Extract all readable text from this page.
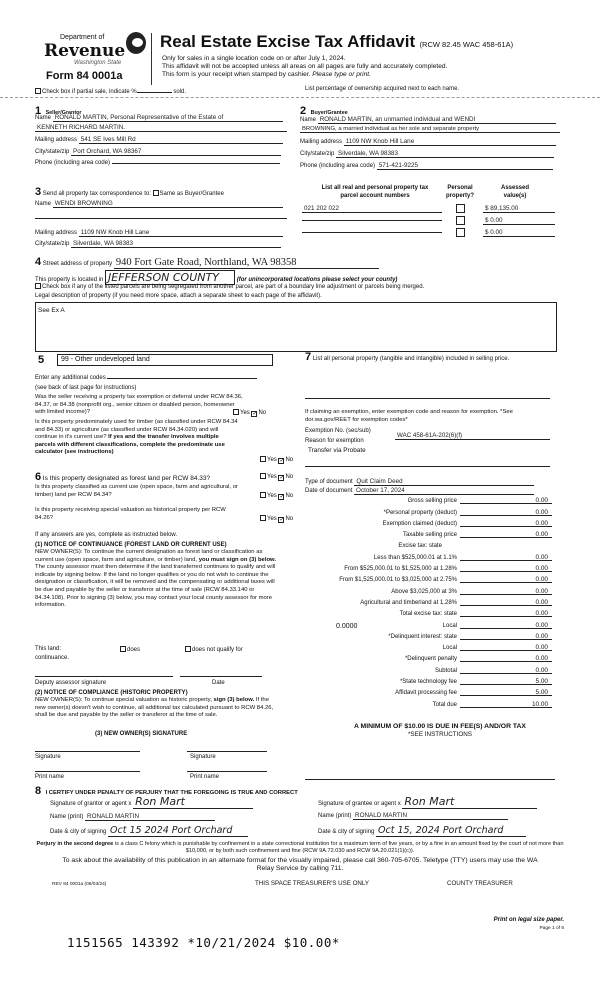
Department of
Revenue
Washington State
Form 84 0001a
Real Estate Excise Tax Affidavit (RCW 82.45 WAC 458-61A)
Only for sales in a single location code on or after July 1, 2024.
This affidavit will not be accepted unless all areas on all pages are fully and accurately completed.
This form is your receipt when stamped by cashier. Please type or print.
Check box if partial sale, indicate %	sold.	List percentage of ownership acquired next to each name.
1 Seller/Grantor
Name RONALD MARTIN, Personal Representative of the Estate of
KENNETH RICHARD MARTIN.
Mailing address 541 SE Ives Mill Rd
City/state/zip Port Orchard, WA 98367
Phone (including area code)
2 Buyer/Grantee
Name RONALD MARTIN, an unmarried individual and WENDI
BROWNING, a married individual as her sole and separate property
Mailing address 1109 NW Knob Hill Lane
City/state/zip Silverdale, WA 98383
Phone (including area code) 571-421-9225
3 Send all property tax correspondence to: Same as Buyer/Grantee
Name WENDI BROWNING
Mailing address 1109 NW Knob Hill Lane
City/state/zip Silverdale, WA 98383
List all real and personal property tax
parcel account numbers
Personal
property?
Assessed
value(s)
021 202 022	$ 89,135.00
$ 0.00
$ 0.00
4 Street address of property 940 Fort Gate Road, Northland, WA 98358
This property is located in JEFFERSON COUNTY	(for unincorporated locations please select your county)
Check box if any of the listed parcels are being segregated from another parcel, are part of a boundary line adjustment or parcels being merged.
Legal description of property (if you need more space, attach a separate sheet to each page of the affidavit).
See Ex A
5	99 - Other undeveloped land
Enter any additional codes
(see back of last page for instructions)
Was the seller receiving a property tax exemption or deferral under RCW 84.36, 84.37, or 84.38 (nonprofit org., senior citizen or disabled person, homeowner with limited income)?	Yes ✓No
Is this property predominately used for timber (as classified under RCW 84.34 and 84.33) or agriculture (as classified under RCW 84.34.020) and will continue in it's current use? If yes and the transfer involves multiple parcels with different classifications, complete the predominate use calculator (see instructions)
Yes ✓No
6 Is this property designated as forest land per RCW 84.33?	Yes ✓No
Is this property classified as current use (open space, farm and agricultural, or timber) land per RCW 84.34?	Yes ✓No
Is this property receiving special valuation as historical property per RCW 84.26?	Yes ✓No
If any answers are yes, complete as instructed below.
(1) NOTICE OF CONTINUANCE (FOREST LAND OR CURRENT USE)
NEW OWNER(S): To continue the current designation as forest land or classification as current use (open space, farm and agriculture, or timber) land, you must sign on (3) below. The county assessor must then determine if the land transferred continues to qualify and will indicate by signing below. If the land no longer qualifies or you do not wish to continue the designation or classification, it will be removed and the compensating or additional taxes will be due and payable by the seller or transferor at the time of sale (RCW 84.33.140 or 84.34.108). Prior to signing (3) below, you may contact your local county assessor for more information.
This land:	does	does not qualify for
continuance.
Deputy assessor signature	Date
(2) NOTICE OF COMPLIANCE (HISTORIC PROPERTY)
NEW OWNER(S): To continue special valuation as historic property, sign (3) below. If the new owner(s) doesn't wish to continue, all additional tax calculated pursuant to RCW 84.26, shall be due and payable by the seller or transferor at the time of sale.
(3) NEW OWNER(S) SIGNATURE
Signature	Signature
Print name	Print name
7 List all personal property (tangible and intangible) included in selling price.
If claiming an exemption, enter exemption code and reason for exemption. *See dor.wa.gov/REET for exemption codes*
Exemption No. (sec/sub)
WAC 458-61A-202(6)(f)
Reason for exemption
Transfer via Probate
Type of document Quit Claim Deed
Date of document October 17, 2024
Gross selling price	0.00
*Personal property (deduct)	0.00
Exemption claimed (deduct)	0.00
Taxable selling price	0.00
Excise tax: state
Less than $525,000.01 at 1.1%	0.00
From $525,000.01 to $1,525,000 at 1.28%	0.00
From $1,525,000.01 to $3,025,000 at 2.75%	0.00
Above $3,025,000 at 3%	0.00
Agricultural and timberland at 1.28%	0.00
Total excise tax: state	0.00
Local	0.00
0.0000
*Delinquent interest: state	0.00
Local	0.00
*Delinquent penalty	0.00
Subtotal	0.00
*State technology fee	5.00
Affidavit processing fee	5.00
Total due	10.00
A MINIMUM OF $10.00 IS DUE IN FEE(S) AND/OR TAX
*SEE INSTRUCTIONS
8 I CERTIFY UNDER PENALTY OF PERJURY THAT THE FOREGOING IS TRUE AND CORRECT
Signature of grantor or agent x Ron Mart	Signature of grantee or agent x Ron Mart
Name (print) RONALD MARTIN	Name (print) RONALD MARTIN
Date & city of signing Oct 15 2024 Port Orchard	Date & city of signing Oct 15, 2024 Port Orchard
Perjury in the second degree is a class C felony which is punishable by confinement in a state correctional institution for a maximum term of five years, or by a fine in an amount fixed by the court of not more than $10,000, or by both such confinement and fine (RCW 9A.72.030 and RCW 9A.20.021(1)(c)).
To ask about the availability of this publication in an alternate format for the visually impaired, please call 360-705-6705. Teletype (TTY) users may use the WA Relay Service by calling 711.
REV 84 0001a (06/03/24)	THIS SPACE TREASURER'S USE ONLY	COUNTY TREASURER
Print on legal size paper.
Page 1 of 6
1151565 143392 *10/21/2024 $10.00*
